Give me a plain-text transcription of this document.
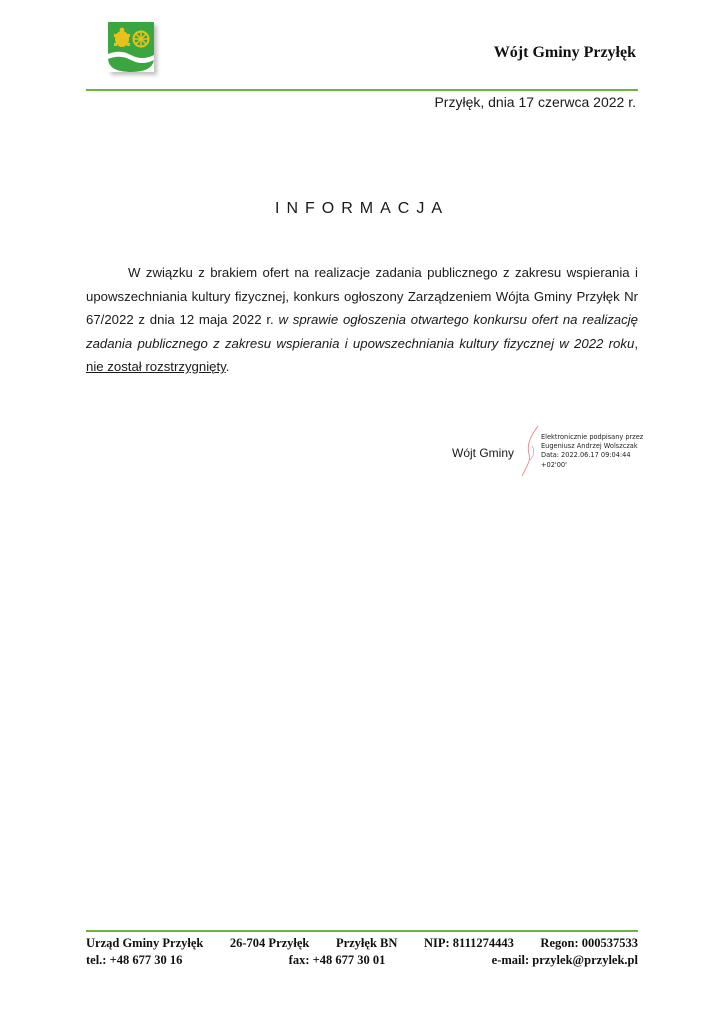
Wójt Gminy Przyłęk
Przyłęk, dnia 17 czerwca 2022 r.
INFORMACJA
W związku z brakiem ofert na realizacje zadania publicznego z zakresu wspierania i upowszechniania kultury fizycznej, konkurs ogłoszony Zarządzeniem Wójta Gminy Przyłęk Nr 67/2022 z dnia 12 maja 2022 r. w sprawie ogłoszenia otwartego konkursu ofert na realizację zadania publicznego z zakresu wspierania i upowszechniania kultury fizycznej w 2022 roku, nie został rozstrzygnięty.
Wójt Gminy
Elektronicznie podpisany przez
Eugeniusz Andrzej Wolszczak
Data: 2022.06.17 09:04:44
+02'00'
Urząd Gminy Przyłęk 26-704 Przyłęk Przyłęk BN NIP: 8111274443 Regon: 000537533
tel.: +48 677 30 16	fax: +48 677 30 01	e-mail: przylek@przylek.pl
